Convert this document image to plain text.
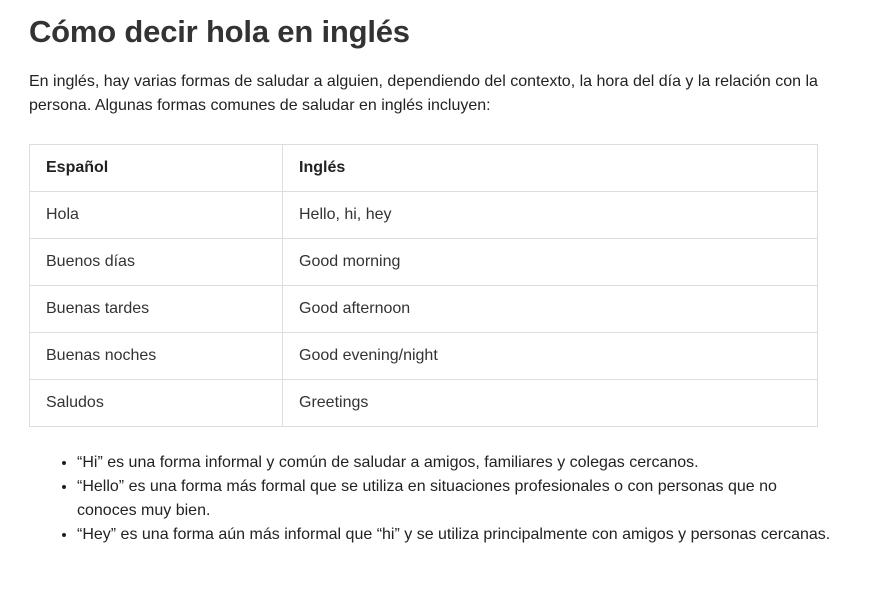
Cómo decir hola en inglés

En inglés, hay varias formas de saludar a alguien, dependiendo del contexto, la hora del día y la relación con la persona. Algunas formas comunes de saludar en inglés incluyen:

Español	Inglés
Hola	Hello, hi, hey
Buenos días	Good morning
Buenas tardes	Good afternoon
Buenas noches	Good evening/night
Saludos	Greetings
• “Hi” es una forma informal y común de saludar a amigos, familiares y colegas cercanos.
• “Hello” es una forma más formal que se utiliza en situaciones profesionales o con personas que no conoces muy bien.
• “Hey” es una forma aún más informal que “hi” y se utiliza principalmente con amigos y personas cercanas.
